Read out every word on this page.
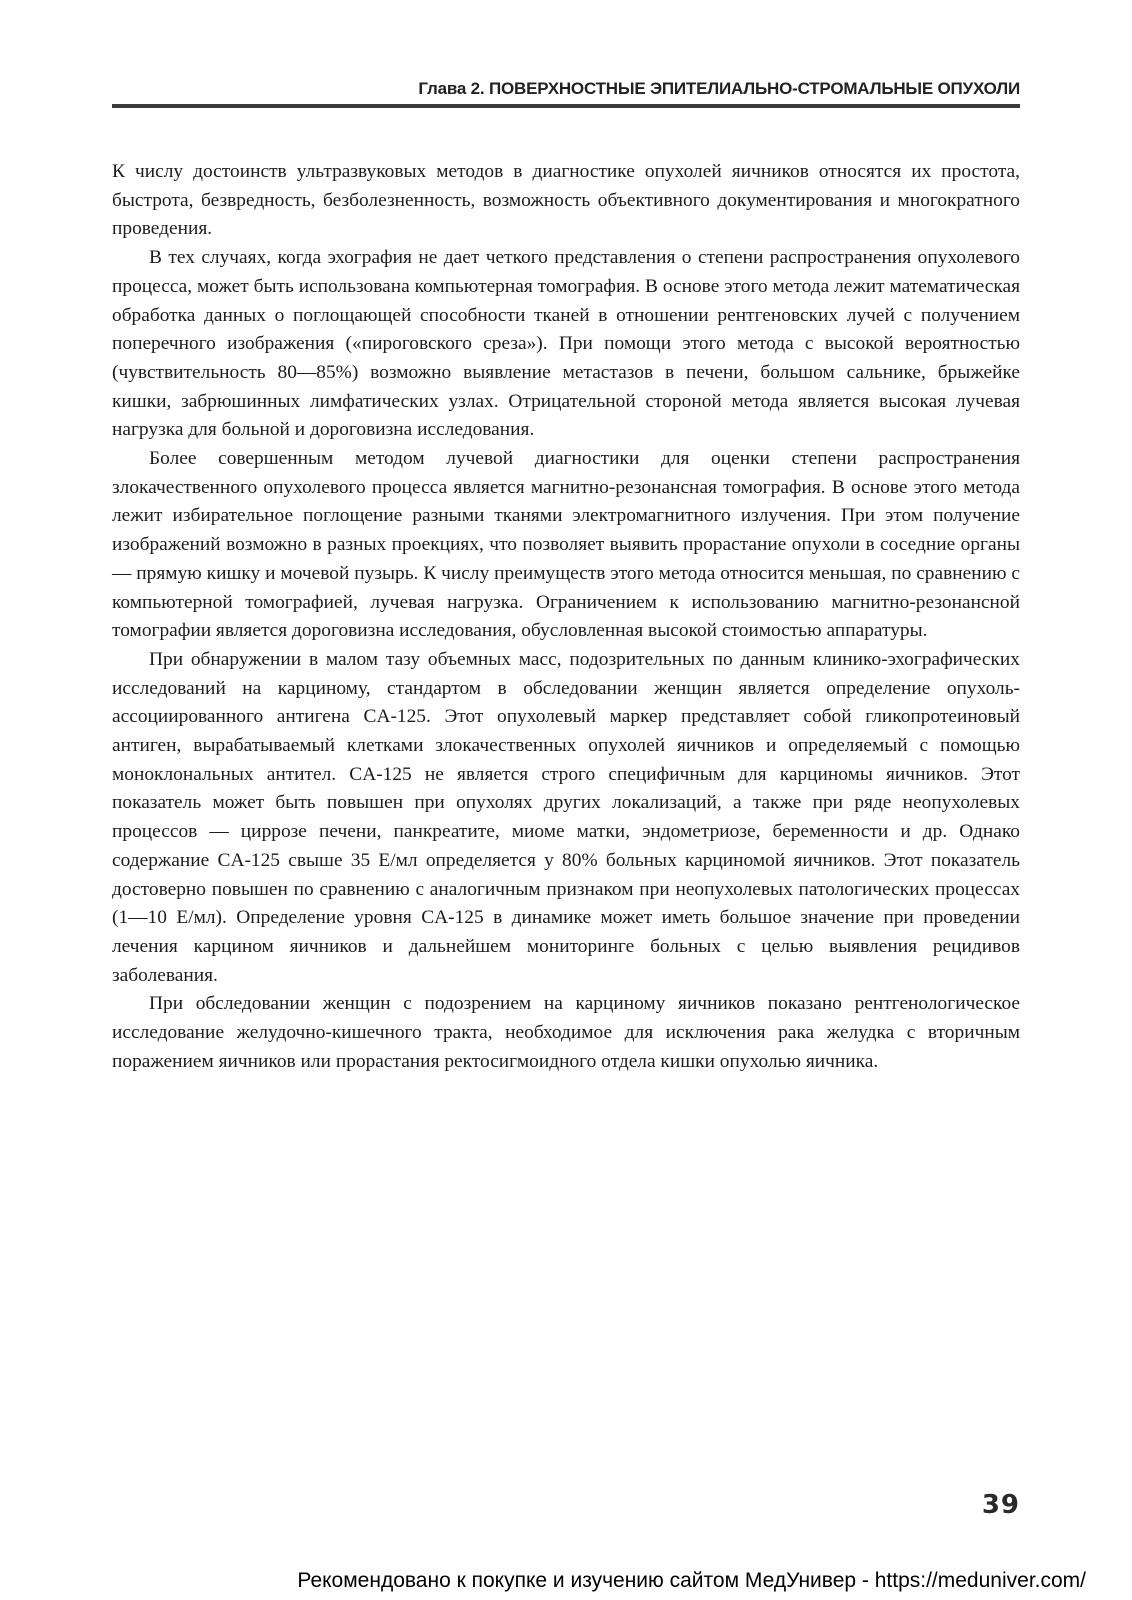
Глава 2. ПОВЕРХНОСТНЫЕ ЭПИТЕЛИАЛЬНО-СТРОМАЛЬНЫЕ ОПУХОЛИ

К числу достоинств ультразвуковых методов в диагностике опухолей яичников относятся их простота, быстрота, безвредность, безболезненность, возможность объективного документирования и многократного проведения.

В тех случаях, когда эхография не дает четкого представления о степени распространения опухолевого процесса, может быть использована компьютерная томография. В основе этого метода лежит математическая обработка данных о поглощающей способности тканей в отношении рентгеновских лучей с получением поперечного изображения («пироговского среза»). При помощи этого метода с высокой вероятностью (чувствительность 80—85%) возможно выявление метастазов в печени, большом сальнике, брыжейке кишки, забрюшинных лимфатических узлах. Отрицательной стороной метода является высокая лучевая нагрузка для больной и дороговизна исследования.

Более совершенным методом лучевой диагностики для оценки степени распространения злокачественного опухолевого процесса является магнитно-резонансная томография. В основе этого метода лежит избирательное поглощение разными тканями электромагнитного излучения. При этом получение изображений возможно в разных проекциях, что позволяет выявить прорастание опухоли в соседние органы — прямую кишку и мочевой пузырь. К числу преимуществ этого метода относится меньшая, по сравнению с компьютерной томографией, лучевая нагрузка. Ограничением к использованию магнитно-резонансной томографии является дороговизна исследования, обусловленная высокой стоимостью аппаратуры.

При обнаружении в малом тазу объемных масс, подозрительных по данным клинико-эхографических исследований на карциному, стандартом в обследовании женщин является определение опухоль-ассоциированного антигена CA-125. Этот опухолевый маркер представляет собой гликопротеиновый антиген, вырабатываемый клетками злокачественных опухолей яичников и определяемый с помощью моноклональных антител. CA-125 не является строго специфичным для карциномы яичников. Этот показатель может быть повышен при опухолях других локализаций, а также при ряде неопухолевых процессов — циррозе печени, панкреатите, миоме матки, эндометриозе, беременности и др. Однако содержание CA-125 свыше 35 Е/мл определяется у 80% больных карциномой яичников. Этот показатель достоверно повышен по сравнению с аналогичным признаком при неопухолевых патологических процессах (1—10 Е/мл). Определение уровня CA-125 в динамике может иметь большое значение при проведении лечения карцином яичников и дальнейшем мониторинге больных с целью выявления рецидивов заболевания.

При обследовании женщин с подозрением на карциному яичников показано рентгенологическое исследование желудочно-кишечного тракта, необходимое для исключения рака желудка с вторичным поражением яичников или прорастания ректосигмоидного отдела кишки опухолью яичника.

39
Рекомендовано к покупке и изучению сайтом МедУнивер - https://meduniver.com/
